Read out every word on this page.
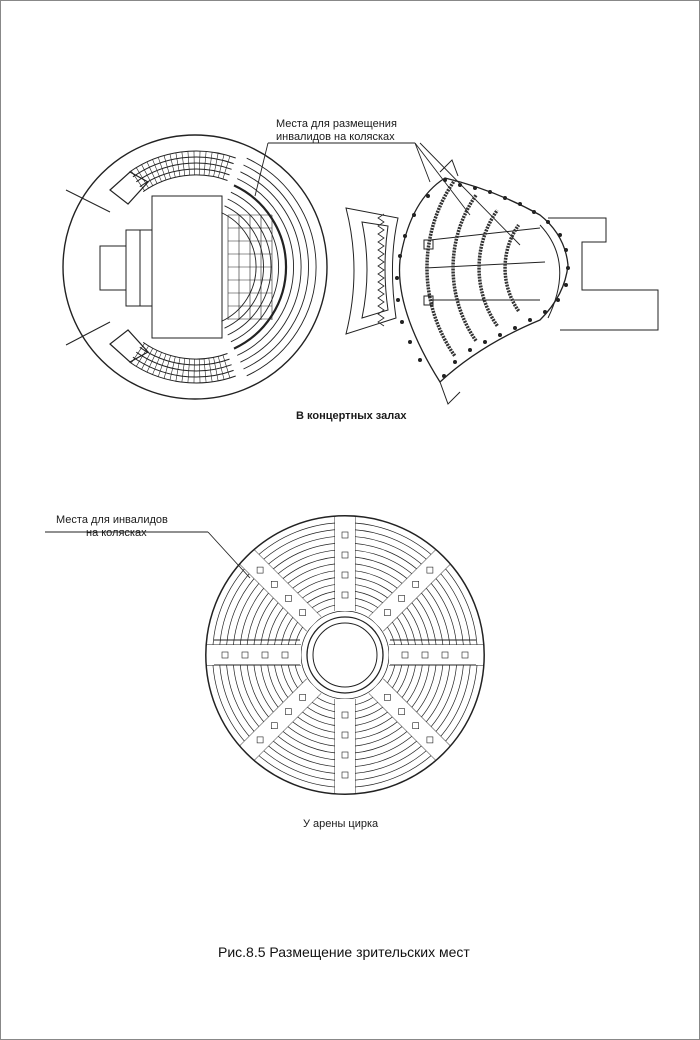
Места для размещения
инвалидов на колясках
В концертных залах
Места для инвалидов
на колясках
У арены цирка
Рис.8.5 Размещение зрительских мест
